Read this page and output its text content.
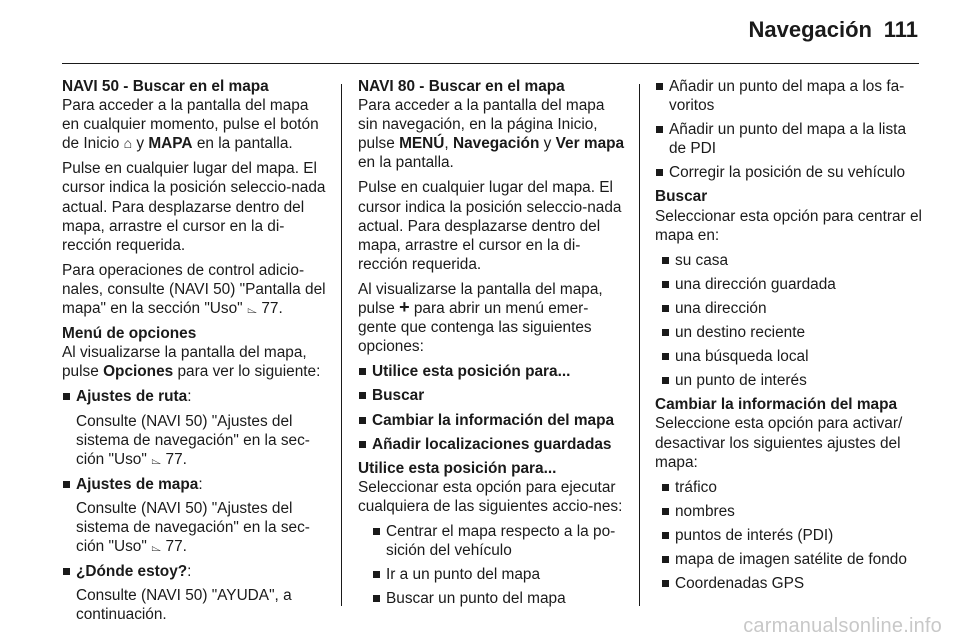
Navegación 111

NAVI 50 - Buscar en el mapa
Para acceder a la pantalla del mapa en cualquier momento, pulse el botón de Inicio ⌂ y MAPA en la pantalla.

Pulse en cualquier lugar del mapa. El cursor indica la posición seleccio-nada actual. Para desplazarse dentro del mapa, arrastre el cursor en la di-rección requerida.

Para operaciones de control adicio-nales, consulte (NAVI 50) "Pantalla del mapa" en la sección "Uso" ⌳ 77.

Menú de opciones
Al visualizarse la pantalla del mapa, pulse Opciones para ver lo siguiente:

Ajustes de ruta:
Consulte (NAVI 50) "Ajustes del sistema de navegación" en la sec-ción "Uso" ⌳ 77.
Ajustes de mapa:
Consulte (NAVI 50) "Ajustes del sistema de navegación" en la sec-ción "Uso" ⌳ 77.
¿Dónde estoy?:
Consulte (NAVI 50) "AYUDA", a continuación.

NAVI 80 - Buscar en el mapa
Para acceder a la pantalla del mapa sin navegación, en la página Inicio, pulse MENÚ, Navegación y Ver mapa en la pantalla.

Pulse en cualquier lugar del mapa. El cursor indica la posición seleccio-nada actual. Para desplazarse dentro del mapa, arrastre el cursor en la di-rección requerida.

Al visualizarse la pantalla del mapa, pulse + para abrir un menú emer-gente que contenga las siguientes opciones:

Utilice esta posición para...
Buscar
Cambiar la información del mapa
Añadir localizaciones guardadas

Utilice esta posición para...
Seleccionar esta opción para ejecutar cualquiera de las siguientes accio-nes:

Centrar el mapa respecto a la po-sición del vehículo
Ir a un punto del mapa
Buscar un punto del mapa
Añadir un punto del mapa a los fa-voritos
Añadir un punto del mapa a la lista de PDI
Corregir la posición de su vehículo

Buscar
Seleccionar esta opción para centrar el mapa en:

su casa
una dirección guardada
una dirección
un destino reciente
una búsqueda local
un punto de interés

Cambiar la información del mapa
Seleccione esta opción para activar/ desactivar los siguientes ajustes del mapa:

tráfico
nombres
puntos de interés (PDI)
mapa de imagen satélite de fondo
Coordenadas GPS
carmanualsonline.info
